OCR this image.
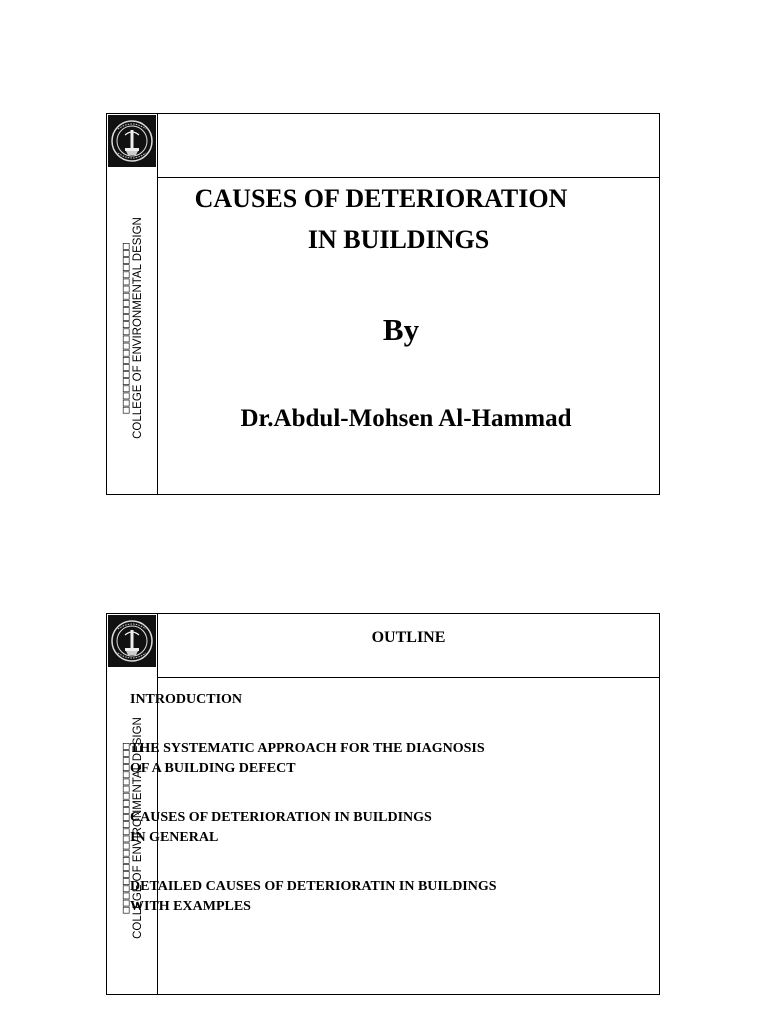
□□□□□□□□□□□□□□□□□□□□□□□□ COLLEGE OF ENVIRONMENTAL DESIGN
CAUSES OF DETERIORATION
IN BUILDINGS
By
Dr.Abdul-Mohsen Al-Hammad
□□□□□□□□□□□□□□□□□□□□□□□□ COLLEGE OF ENVIRONMENTAL DESIGN
OUTLINE
INTRODUCTION
THE SYSTEMATIC APPROACH FOR THE DIAGNOSIS
OF A BUILDING DEFECT
CAUSES OF DETERIORATION IN BUILDINGS
IN GENERAL
DETAILED CAUSES OF DETERIORATIN IN BUILDINGS
WITH EXAMPLES
